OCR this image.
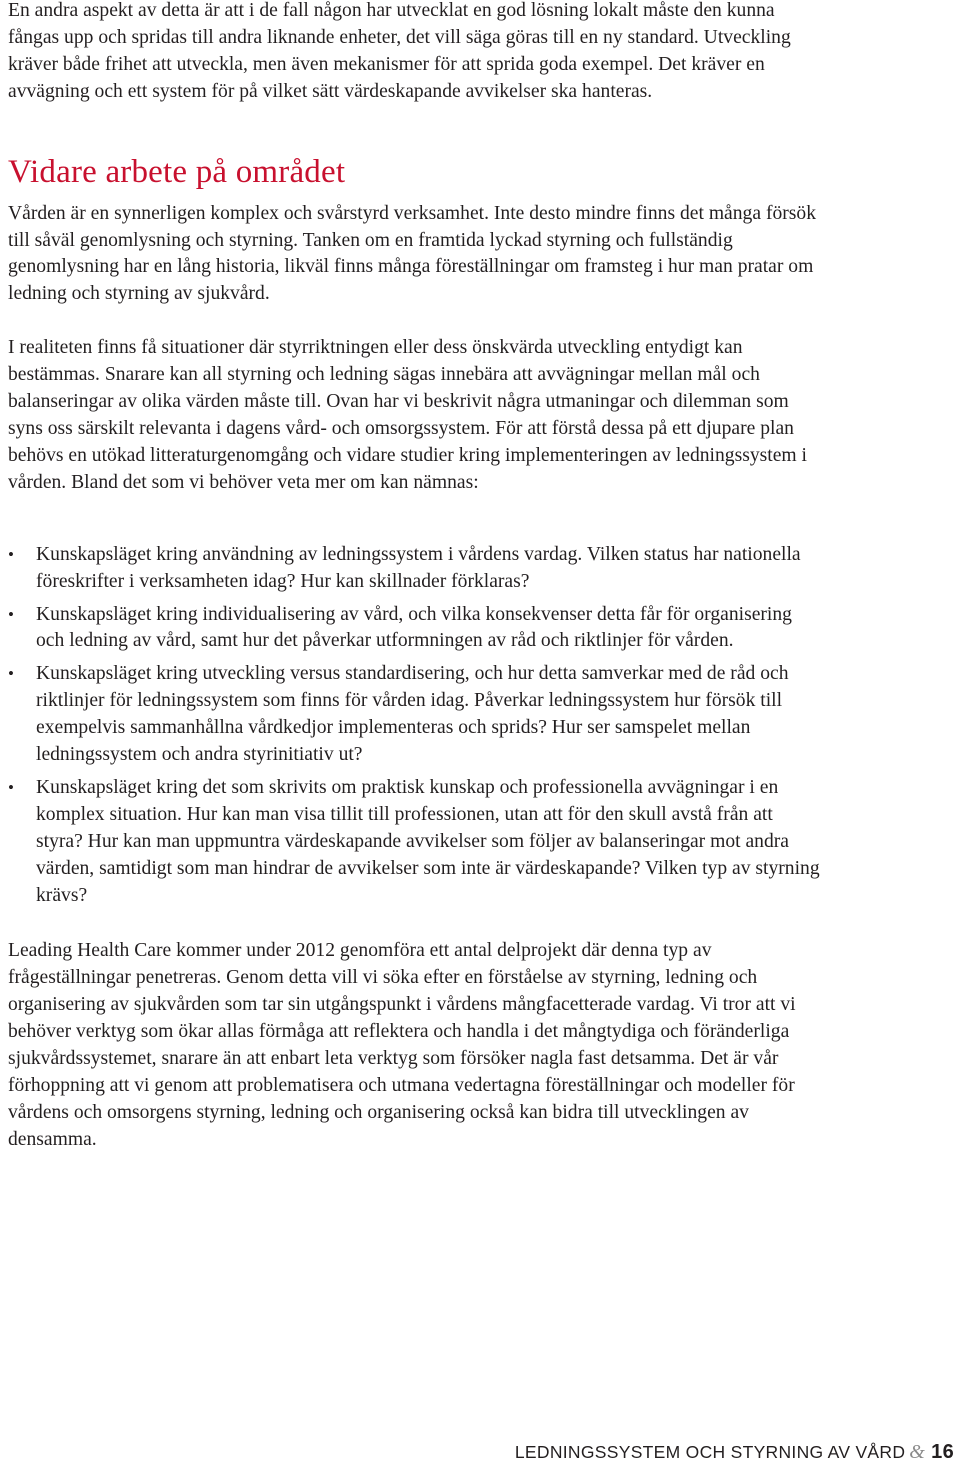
En andra aspekt av detta är att i de fall någon har utvecklat en god lösning lokalt måste den kunna fångas upp och spridas till andra liknande enheter, det vill säga göras till en ny standard. Utveckling kräver både frihet att utveckla, men även mekanismer för att sprida goda exempel. Det kräver en avvägning och ett system för på vilket sätt värdeskapande avvikelser ska hanteras.

Vidare arbete på området

Vården är en synnerligen komplex och svårstyrd verksamhet. Inte desto mindre finns det många försök till såväl genomlysning och styrning. Tanken om en framtida lyckad styrning och fullständig genomlysning har en lång historia, likväl finns många föreställningar om framsteg i hur man pratar om ledning och styrning av sjukvård.

I realiteten finns få situationer där styrriktningen eller dess önskvärda utveckling entydigt kan bestämmas. Snarare kan all styrning och ledning sägas innebära att avvägningar mellan mål och balanseringar av olika värden måste till. Ovan har vi beskrivit några utmaningar och dilemman som syns oss särskilt relevanta i dagens vård- och omsorgssystem. För att förstå dessa på ett djupare plan behövs en utökad litteraturgenomgång och vidare studier kring implementeringen av ledningssystem i vården. Bland det som vi behöver veta mer om kan nämnas:

•	Kunskapsläget kring användning av ledningssystem i vårdens vardag. Vilken status har nationella föreskrifter i verksamheten idag? Hur kan skillnader förklaras?
•	Kunskapsläget kring individualisering av vård, och vilka konsekvenser detta får för organisering och ledning av vård, samt hur det påverkar utformningen av råd och riktlinjer för vården.
•	Kunskapsläget kring utveckling versus standardisering, och hur detta samverkar med de råd och riktlinjer för ledningssystem som finns för vården idag. Påverkar ledningssystem hur försök till exempelvis sammanhållna vårdkedjor implementeras och sprids? Hur ser samspelet mellan ledningssystem och andra styrinitiativ ut?
•	Kunskapsläget kring det som skrivits om praktisk kunskap och professionella avvägningar i en komplex situation. Hur kan man visa tillit till professionen, utan att för den skull avstå från att styra? Hur kan man uppmuntra värdeskapande avvikelser som följer av balanseringar mot andra värden, samtidigt som man hindrar de avvikelser som inte är värdeskapande? Vilken typ av styrning krävs?

Leading Health Care kommer under 2012 genomföra ett antal delprojekt där denna typ av frågeställningar penetreras. Genom detta vill vi söka efter en förståelse av styrning, ledning och organisering av sjukvården som tar sin utgångspunkt i vårdens mångfacetterade vardag. Vi tror att vi behöver verktyg som ökar allas förmåga att reflektera och handla i det mångtydiga och föränderliga sjukvårdssystemet, snarare än att enbart leta verktyg som försöker nagla fast detsamma. Det är vår förhoppning att vi genom att problematisera och utmana vedertagna föreställningar och modeller för vårdens och omsorgens styrning, ledning och organisering också kan bidra till utvecklingen av densamma.

LEDNINGSSYSTEM OCH STYRNING AV VÅRD & 16
